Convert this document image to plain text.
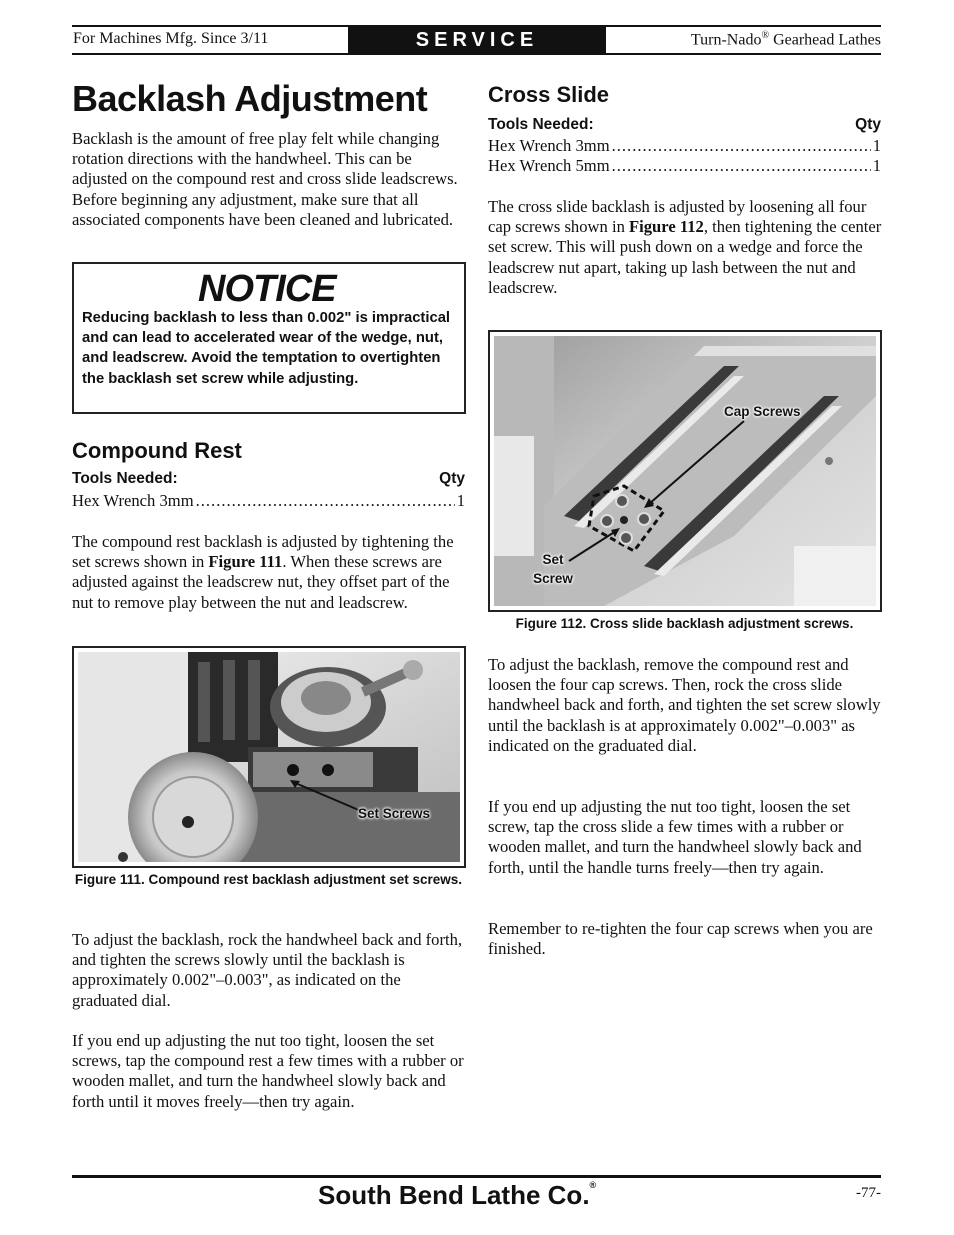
For Machines Mfg. Since 3/11	SERVICE	Turn-Nado® Gearhead Lathes
Backlash Adjustment

Backlash is the amount of free play felt while changing rotation directions with the handwheel. This can be adjusted on the compound rest and cross slide leadscrews. Before beginning any adjustment, make sure that all associated components have been cleaned and lubricated.

NOTICE
Reducing backlash to less than 0.002" is impractical and can lead to accelerated wear of the wedge, nut, and leadscrew. Avoid the temptation to overtighten the backlash set screw while adjusting.
Compound Rest
Tools Needed:	Qty
Hex Wrench 3mm .....	1

The compound rest backlash is adjusted by tightening the set screws shown in Figure 111. When these screws are adjusted against the leadscrew nut, they offset part of the nut to remove play between the nut and leadscrew.

Set Screws
Figure 111. Compound rest backlash adjustment set screws.

To adjust the backlash, rock the handwheel back and forth, and tighten the screws slowly until the backlash is approximately 0.002"–0.003", as indicated on the graduated dial.

If you end up adjusting the nut too tight, loosen the set screws, tap the compound rest a few times with a rubber or wooden mallet, and turn the handwheel slowly back and forth until it moves freely—then try again.

Cross Slide
Tools Needed:	Qty
Hex Wrench 3mm .....	1
Hex Wrench 5mm .....	1

The cross slide backlash is adjusted by loosening all four cap screws shown in Figure 112, then tightening the center set screw. This will push down on a wedge and force the leadscrew nut apart, taking up lash between the nut and leadscrew.

Cap Screws
Set
Screw
Figure 112. Cross slide backlash adjustment screws.

To adjust the backlash, remove the compound rest and loosen the four cap screws. Then, rock the cross slide handwheel back and forth, and tighten the set screw slowly until the backlash is at approximately 0.002"–0.003" as indicated on the graduated dial.

If you end up adjusting the nut too tight, loosen the set screw, tap the cross slide a few times with a rubber or wooden mallet, and turn the handwheel slowly back and forth, until the handle turns freely—then try again.

Remember to re-tighten the four cap screws when you are finished.

South Bend Lathe Co.®	-77-
